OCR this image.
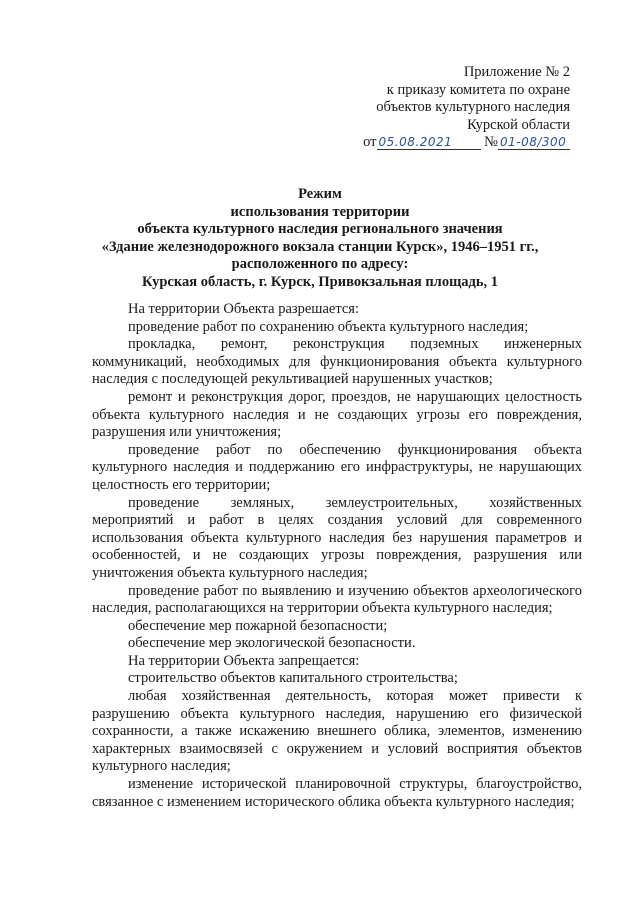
Приложение № 2
к приказу комитета по охране
объектов культурного наследия
Курской области
от 05.08.2021 № 01-08/300
Режим
использования территории
объекта культурного наследия регионального значения
«Здание железнодорожного вокзала станции Курск», 1946–1951 гг.,
расположенного по адресу:
Курская область, г. Курск, Привокзальная площадь, 1

На территории Объекта разрешается:

проведение работ по сохранению объекта культурного наследия;

прокладка, ремонт, реконструкция подземных инженерных коммуникаций, необходимых для функционирования объекта культурного наследия с последующей рекультивацией нарушенных участков;

ремонт и реконструкция дорог, проездов, не нарушающих целостность объекта культурного наследия и не создающих угрозы его повреждения, разрушения или уничтожения;

проведение работ по обеспечению функционирования объекта культурного наследия и поддержанию его инфраструктуры, не нарушающих целостность его территории;

проведение земляных, землеустроительных, хозяйственных мероприятий и работ в целях создания условий для современного использования объекта культурного наследия без нарушения параметров и особенностей, и не создающих угрозы повреждения, разрушения или уничтожения объекта культурного наследия;

проведение работ по выявлению и изучению объектов археологического наследия, располагающихся на территории объекта культурного наследия;

обеспечение мер пожарной безопасности;

обеспечение мер экологической безопасности.

На территории Объекта запрещается:

строительство объектов капитального строительства;

любая хозяйственная деятельность, которая может привести к разрушению объекта культурного наследия, нарушению его физической сохранности, а также искажению внешнего облика, элементов, изменению характерных взаимосвязей с окружением и условий восприятия объектов культурного наследия;

изменение исторической планировочной структуры, благоустройство, связанное с изменением исторического облика объекта культурного наследия;
